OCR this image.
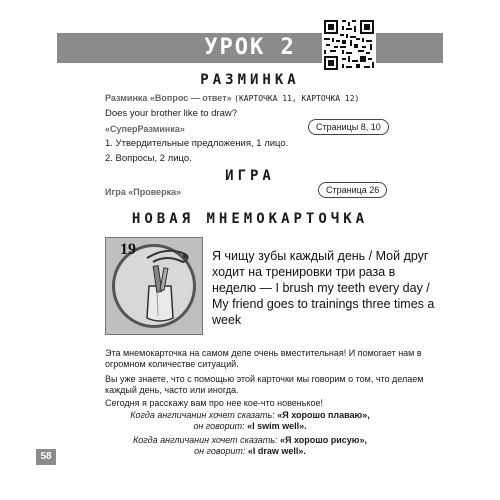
УРОК 2
РАЗМИНКА
Разминка «Вопрос — ответ» (КАРТОЧКА 11, КАРТОЧКА 12)
Does your brother like to draw?
«СуперРазминка»
1. Утвердительные предложения, 1 лицо.
2. Вопросы, 2 лицо.
Страницы 8, 10
ИГРА
Игра «Проверка»	Страница 26
НОВАЯ МНЕМОКАРТОЧКА
19	Я чищу зубы каждый день / Мой друг ходит на тренировки три раза в неделю — I brush my teeth every day / My friend goes to trainings three times a week
Эта мнемокарточка на самом деле очень вместительная! И помогает нам в огромном количестве ситуаций.
Вы уже знаете, что с помощью этой карточки мы говорим о том, что делаем каждый день, часто или иногда.
Сегодня я расскажу вам про нее кое-что новенькое!
Когда англичанин хочет сказать: «Я хорошо плаваю»,
он говорит: «I swim well».
Когда англичанин хочет сказать: «Я хорошо рисую»,
он говорит: «I draw well».
58
